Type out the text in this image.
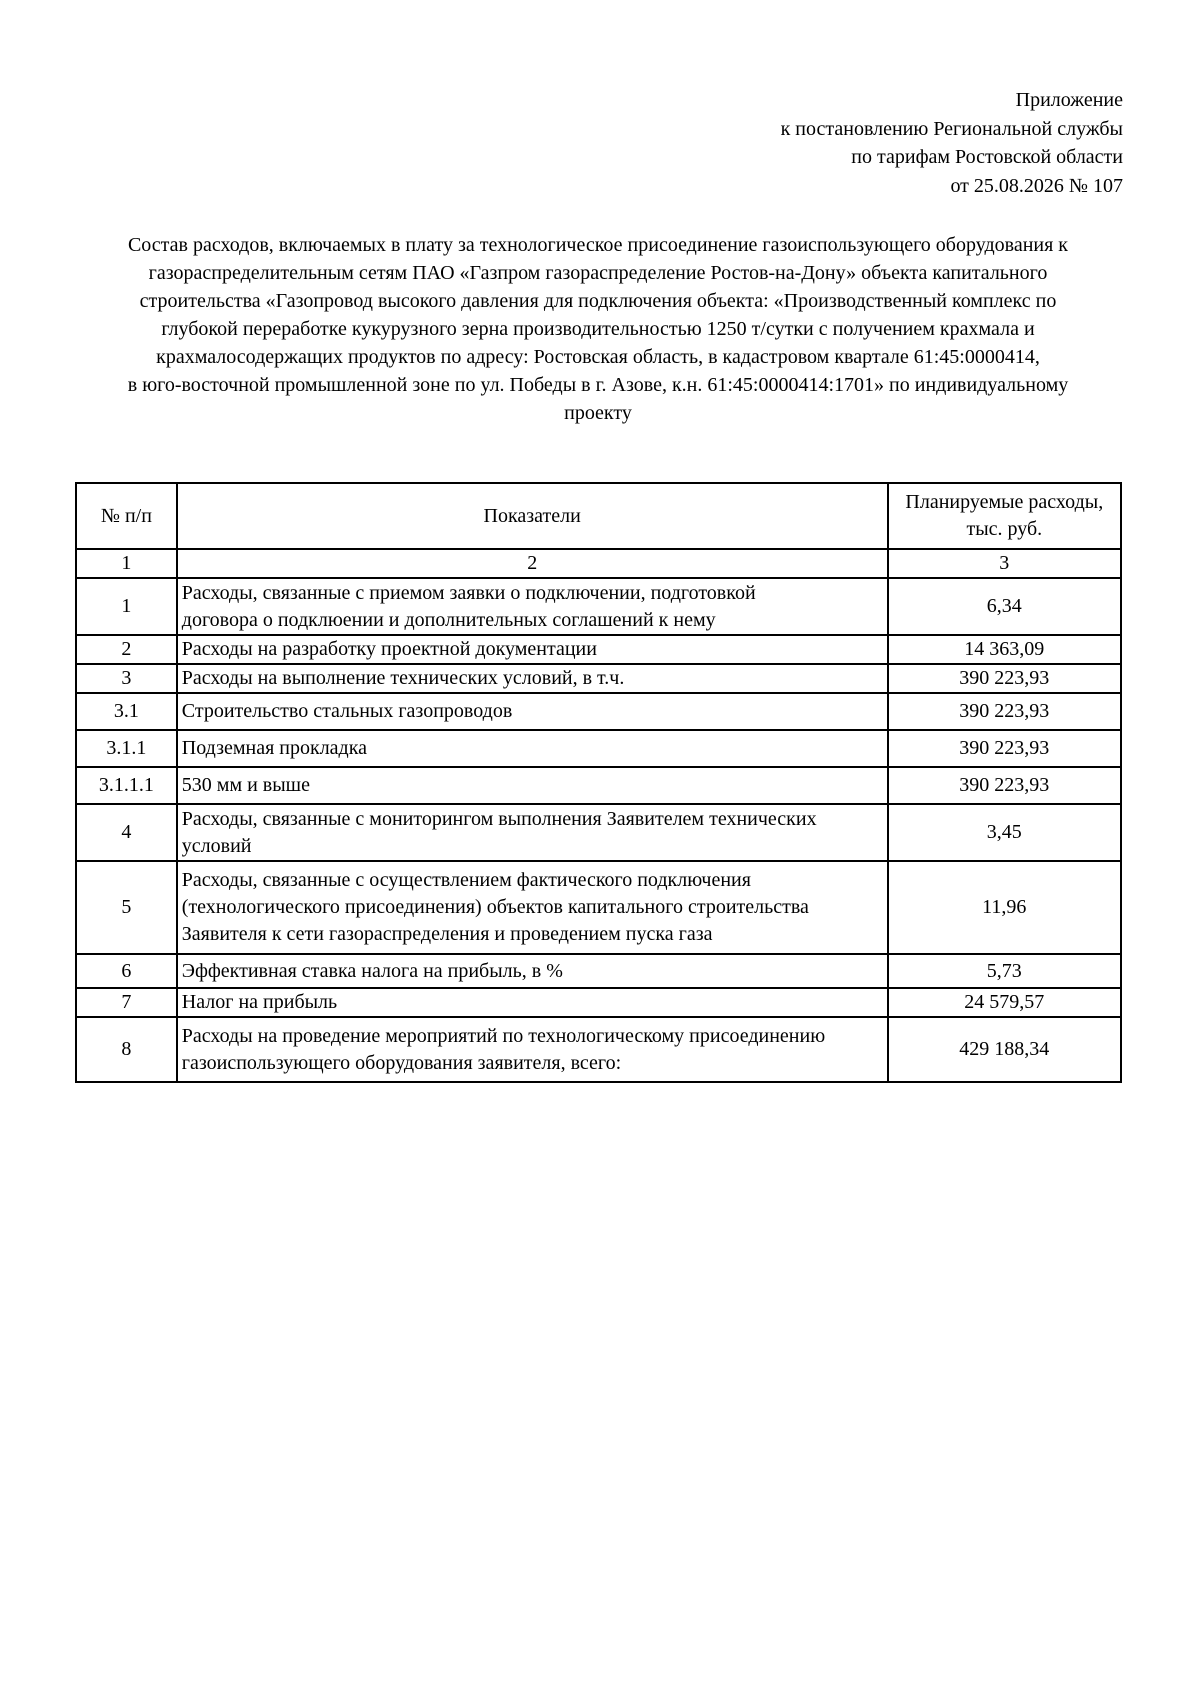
Приложение
к постановлению Региональной службы
по тарифам Ростовской области
от 25.08.2026 № 107
Состав расходов, включаемых в плату за технологическое присоединение газоиспользующего оборудования к
газораспределительным сетям ПАО «Газпром газораспределение Ростов-на-Дону» объекта капитального
строительства «Газопровод высокого давления для подключения объекта: «Производственный комплекс по
глубокой переработке кукурузного зерна производительностью 1250 т/сутки с получением крахмала и
крахмалосодержащих продуктов по адресу: Ростовская область, в кадастровом квартале 61:45:0000414,
в юго-восточной промышленной зоне по ул. Победы в г. Азове, к.н. 61:45:0000414:1701» по индивидуальному
проекту
№ п/п	Показатели	Планируемые расходы,
тыс. руб.

1	2	3
1	Расходы, связанные с приемом заявки о подключении, подготовкой
договора о подклюении и дополнительных соглашений к нему	6,34
2	Расходы на разработку проектной документации	14 363,09
3	Расходы на выполнение технических условий, в т.ч.	390 223,93
3.1	Строительство стальных газопроводов	390 223,93
3.1.1	Подземная прокладка	390 223,93
3.1.1.1	530 мм и выше	390 223,93
4	Расходы, связанные с мониторингом выполнения Заявителем технических
условий	3,45
5	Расходы, связанные с осуществлением фактического подключения
(технологического присоединения) объектов капитального строительства
Заявителя к сети газораспределения и проведением пуска газа	11,96
6	Эффективная ставка налога на прибыль, в %	5,73
7	Налог на прибыль	24 579,57
8	Расходы на проведение мероприятий по технологическому присоединению
газоиспользующего оборудования заявителя, всего:	429 188,34
